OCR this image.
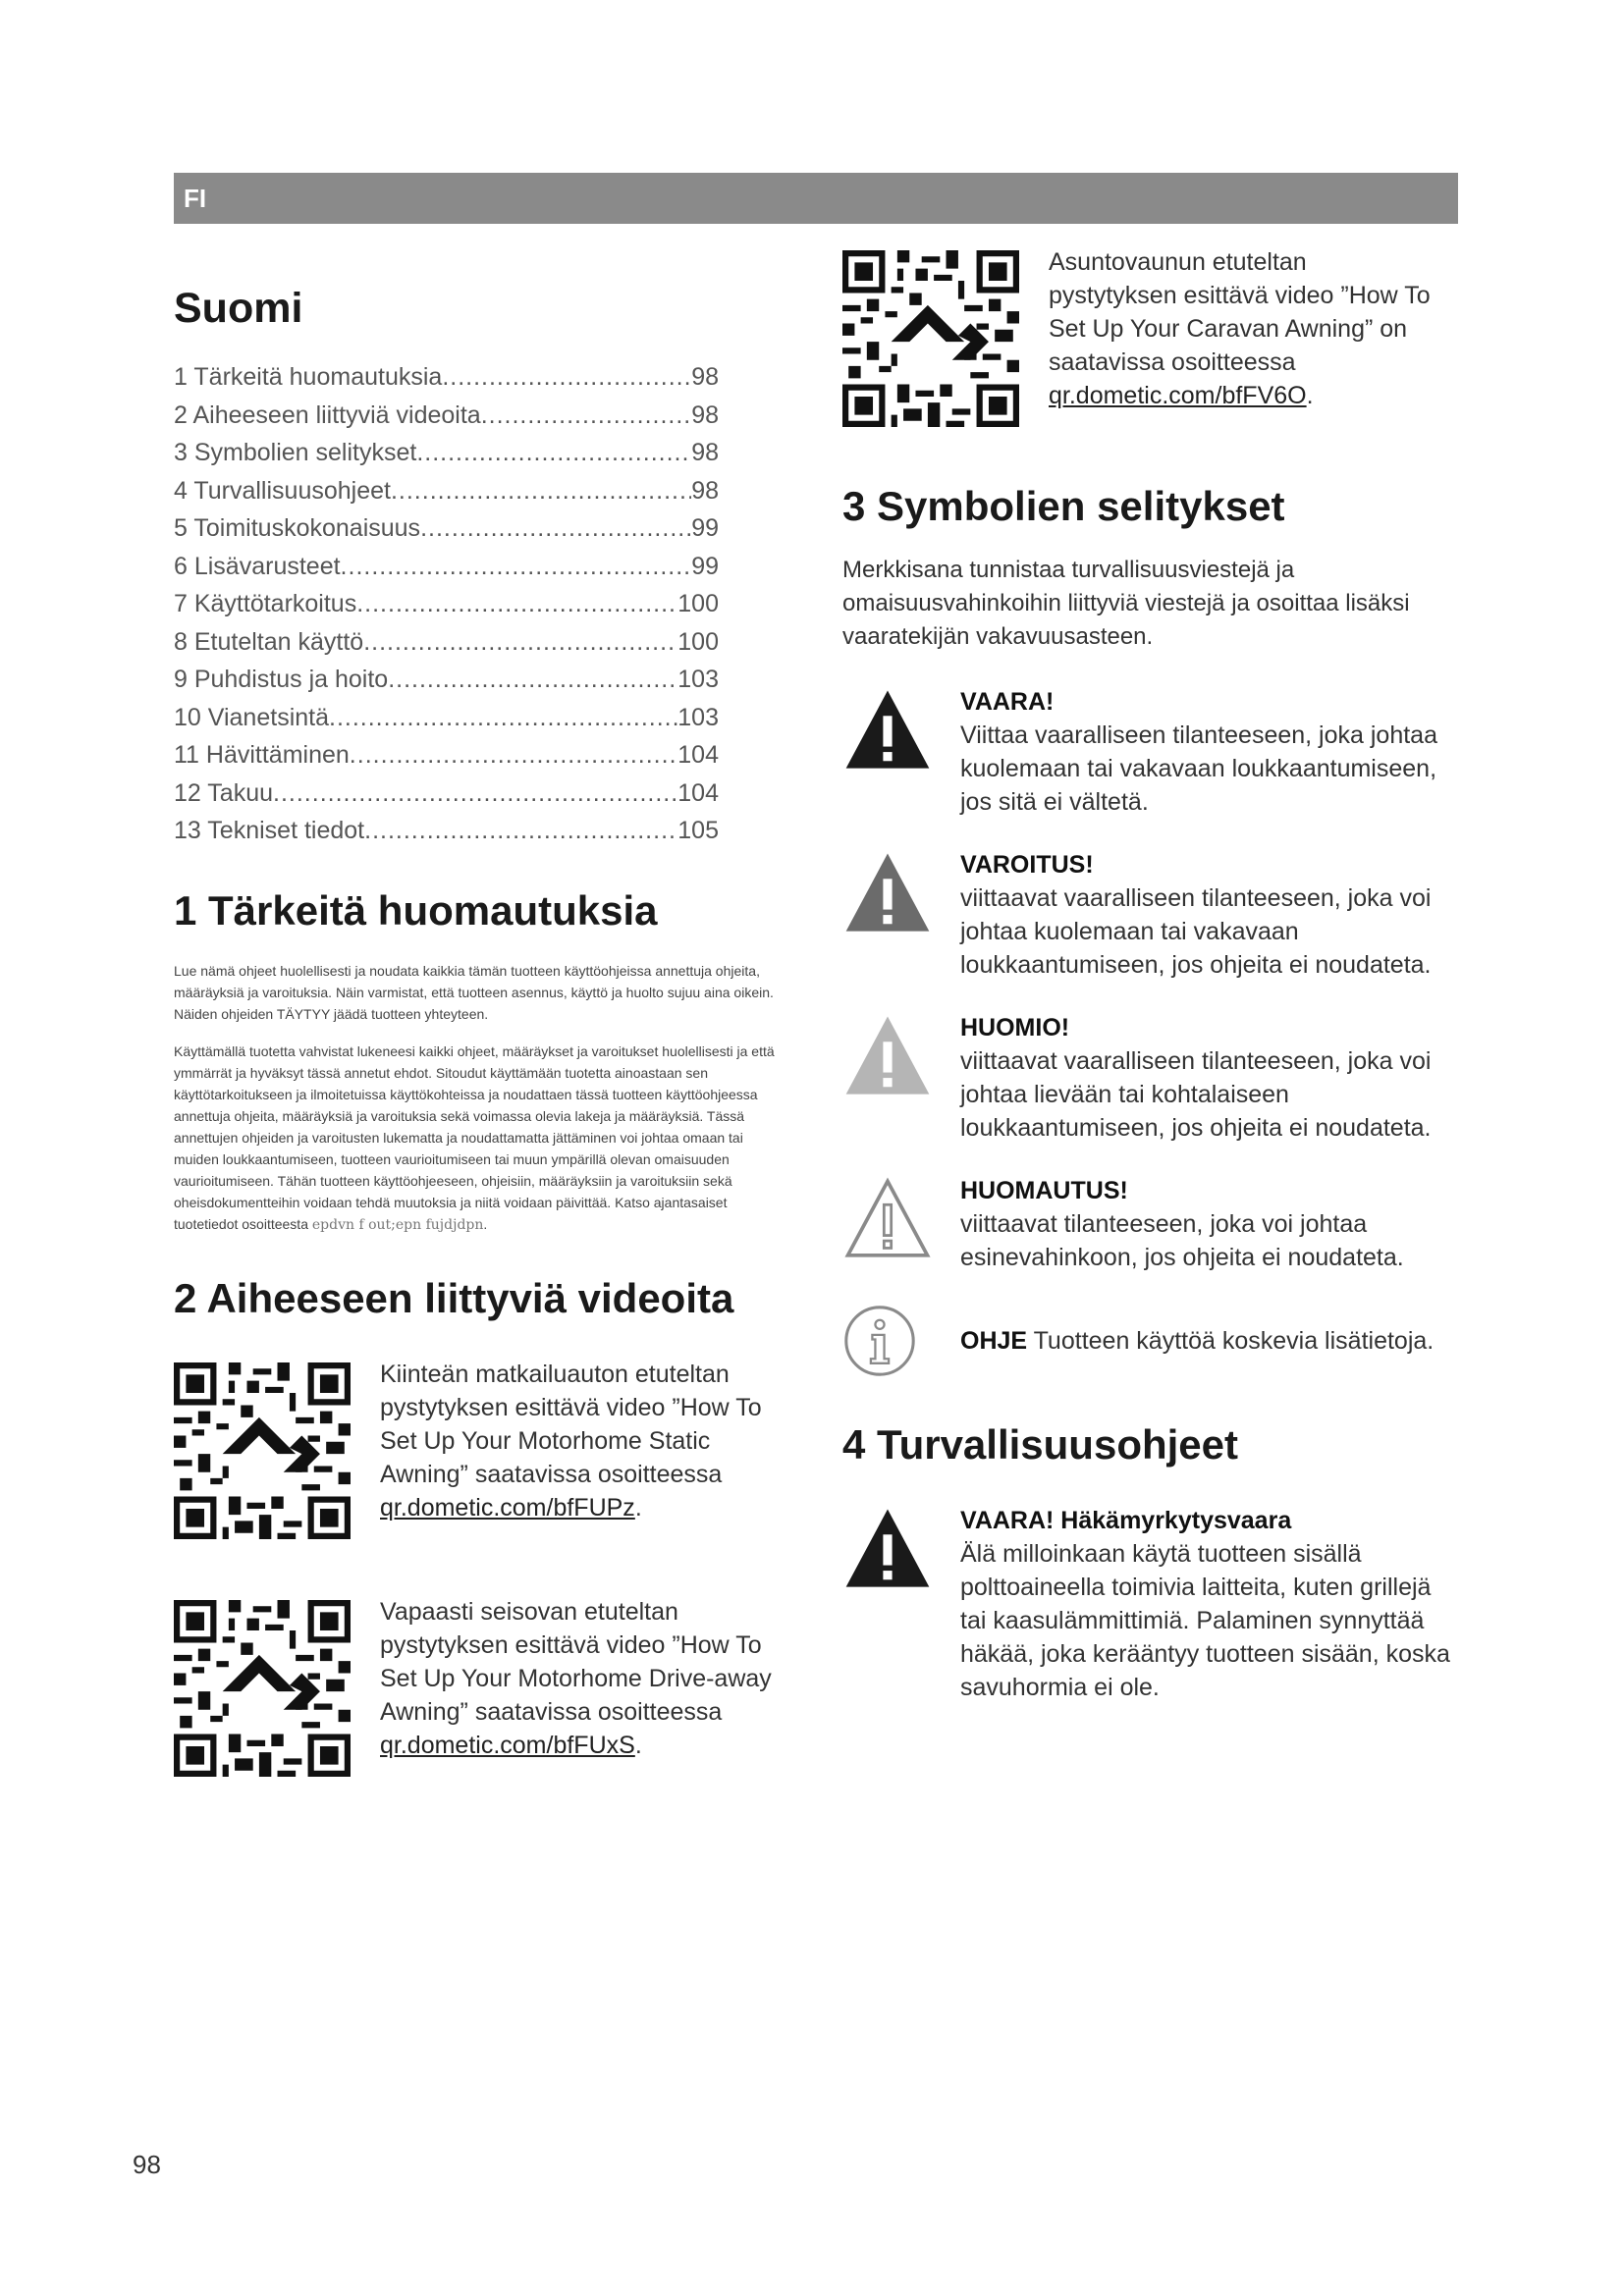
FI
Suomi
1 Tärkeitä huomautuksia .....	98
2 Aiheeseen liittyviä videoita .....	98
3 Symbolien selitykset .....	98
4 Turvallisuusohjeet .....	98
5 Toimituskokonaisuus .....	99
6 Lisävarusteet .....	99
7 Käyttötarkoitus .....	100
8 Etuteltan käyttö .....	100
9 Puhdistus ja hoito .....	103
10 Vianetsintä .....	103
11 Hävittäminen .....	104
12 Takuu .....	104
13 Tekniset tiedot .....	105
1 Tärkeitä huomautuksia

Lue nämä ohjeet huolellisesti ja noudata kaikkia tämän tuotteen käyttöohjeissa annettuja ohjeita, määräyksiä ja varoituksia. Näin varmistat, että tuotteen asennus, käyttö ja huolto sujuu aina oikein. Näiden ohjeiden TÄYTYY jäädä tuotteen yhteyteen.

Käyttämällä tuotetta vahvistat lukeneesi kaikki ohjeet, määräykset ja varoitukset huolellisesti ja että ymmärrät ja hyväksyt tässä annetut ehdot. Sitoudut käyttämään tuotetta ainoastaan sen käyttötarkoitukseen ja ilmoitetuissa käyttökohteissa ja noudattaen tässä tuotteen käyttöohjeessa annettuja ohjeita, määräyksiä ja varoituksia sekä voimassa olevia lakeja ja määräyksiä. Tässä annettujen ohjeiden ja varoitusten lukematta ja noudattamatta jättäminen voi johtaa omaan tai muiden loukkaantumiseen, tuotteen vaurioitumiseen tai muun ympärillä olevan omaisuuden vaurioitumiseen. Tähän tuotteen käyttöohjeeseen, ohjeisiin, määräyksiin ja varoituksiin sekä oheisdokumentteihin voidaan tehdä muutoksia ja niitä voidaan päivittää. Katso ajantasaiset tuotetiedot osoitteesta epdvn f out;epn fujdjdpn.

2 Aiheeseen liittyviä videoita
Kiinteän matkailuauton etuteltan pystytyksen esittävä video ”How To Set Up Your Motorhome Static Awning” saatavissa osoitteessa qr.dometic.com/bfFUPz.
Vapaasti seisovan etuteltan pystytyksen esittävä video ”How To Set Up Your Motorhome Drive-away Awning” saatavissa osoitteessa qr.dometic.com/bfFUxS.
Asuntovaunun etuteltan pystytyksen esittävä video ”How To Set Up Your Caravan Awning” on saatavissa osoitteessa qr.dometic.com/bfFV6O.
3 Symbolien selitykset

Merkkisana tunnistaa turvallisuusviestejä ja omaisuusvahinkoihin liittyviä viestejä ja osoittaa lisäksi vaaratekijän vakavuusasteen.

VAARA!
Viittaa vaaralliseen tilanteeseen, joka johtaa kuolemaan tai vakavaan loukkaantumiseen, jos sitä ei vältetä.
VAROITUS!
viittaavat vaaralliseen tilanteeseen, joka voi johtaa kuolemaan tai vakavaan loukkaantumiseen, jos ohjeita ei noudateta.
HUOMIO!
viittaavat vaaralliseen tilanteeseen, joka voi johtaa lievään tai kohtalaiseen loukkaantumiseen, jos ohjeita ei noudateta.
HUOMAUTUS!
viittaavat tilanteeseen, joka voi johtaa esinevahinkoon, jos ohjeita ei noudateta.
OHJE Tuotteen käyttöä koskevia lisätietoja.
4 Turvallisuusohjeet
VAARA! Häkämyrkytysvaara
Älä milloinkaan käytä tuotteen sisällä polttoaineella toimivia laitteita, kuten grillejä tai kaasulämmittimiä. Palaminen synnyttää häkää, joka kerääntyy tuotteen sisään, koska savuhormia ei ole.
98
